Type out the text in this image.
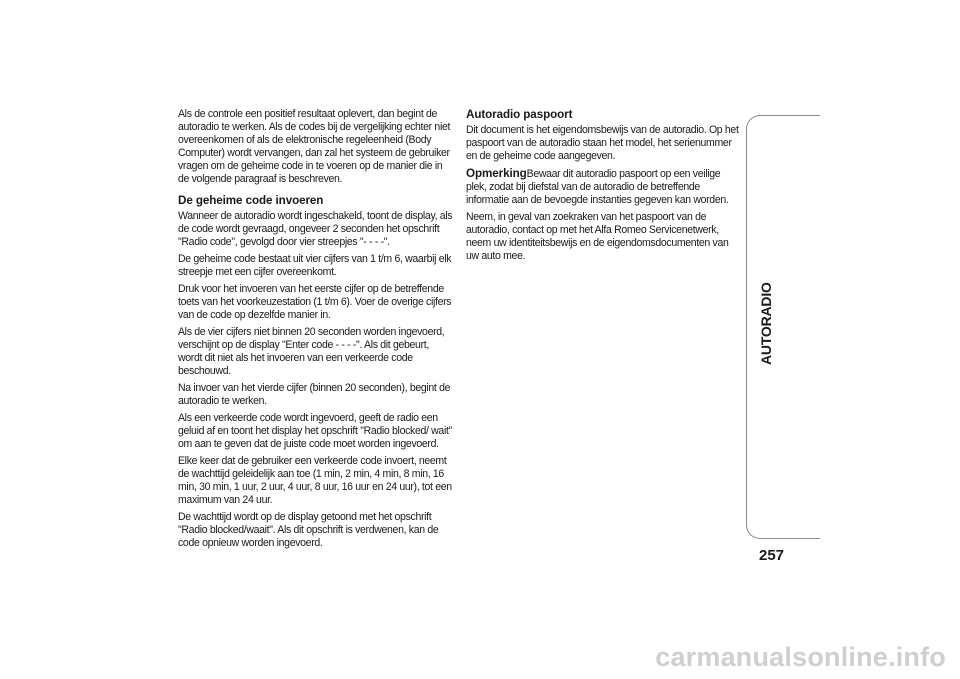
Als de controle een positief resultaat oplevert, dan begint de autoradio te werken. Als de codes bij de vergelijking echter niet overeenkomen of als de elektronische regeleenheid (Body Computer) wordt vervangen, dan zal het systeem de gebruiker vragen om de geheime code in te voeren op de manier die in de volgende paragraaf is beschreven.

De geheime code invoeren

Wanneer de autoradio wordt ingeschakeld, toont de display, als de code wordt gevraagd, ongeveer 2 seconden het opschrift "Radio code", gevolgd door vier streepjes "- - - -".

De geheime code bestaat uit vier cijfers van 1 t/m 6, waarbij elk streepje met een cijfer overeenkomt.

Druk voor het invoeren van het eerste cijfer op de betreffende toets van het voorkeuzestation (1 t/m 6). Voer de overige cijfers van de code op dezelfde manier in.

Als de vier cijfers niet binnen 20 seconden worden ingevoerd, verschijnt op de display "Enter code - - - -". Als dit gebeurt, wordt dit niet als het invoeren van een verkeerde code beschouwd.

Na invoer van het vierde cijfer (binnen 20 seconden), begint de autoradio te werken.

Als een verkeerde code wordt ingevoerd, geeft de radio een geluid af en toont het display het opschrift "Radio blocked/ wait" om aan te geven dat de juiste code moet worden ingevoerd.

Elke keer dat de gebruiker een verkeerde code invoert, neemt de wachttijd geleidelijk aan toe (1 min, 2 min, 4 min, 8 min, 16 min, 30 min, 1 uur, 2 uur, 4 uur, 8 uur, 16 uur en 24 uur), tot een maximum van 24 uur.

De wachttijd wordt op de display getoond met het opschrift "Radio blocked/waait". Als dit opschrift is verdwenen, kan de code opnieuw worden ingevoerd.

Autoradio paspoort

Dit document is het eigendomsbewijs van de autoradio. Op het paspoort van de autoradio staan het model, het serienummer en de geheime code aangegeven.

OpmerkingBewaar dit autoradio paspoort op een veilige plek, zodat bij diefstal van de autoradio de betreffende informatie aan de bevoegde instanties gegeven kan worden.

Neem, in geval van zoekraken van het paspoort van de autoradio, contact op met het Alfa Romeo Servicenetwerk, neem uw identiteitsbewijs en de eigendomsdocumenten van uw auto mee.

AUTORADIO
257
carmanualsonline.info
